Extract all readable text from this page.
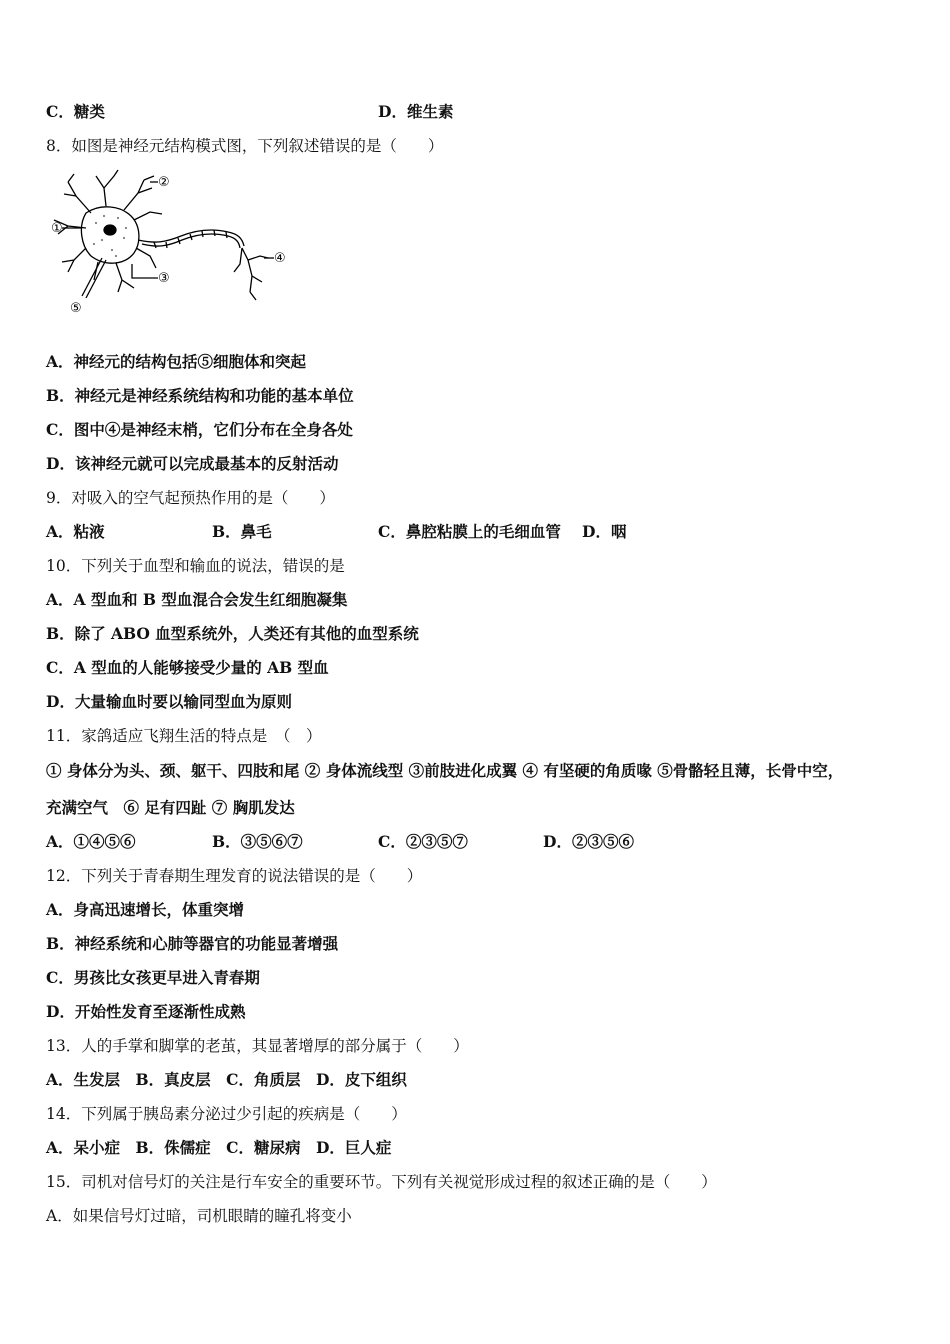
C．糖类	D．维生素
8．如图是神经元结构模式图，下列叙述错误的是（　　）
①
②
③
④
⑤
A．神经元的结构包括⑤细胞体和突起
B．神经元是神经系统结构和功能的基本单位
C．图中④是神经末梢，它们分布在全身各处
D．该神经元就可以完成最基本的反射活动
9．对吸入的空气起预热作用的是（　　）
A．粘液	B．鼻毛	C．鼻腔粘膜上的毛细血管 D．咽
10．下列关于血型和输血的说法，错误的是
A．A 型血和 B 型血混合会发生红细胞凝集
B．除了 ABO 血型系统外，人类还有其他的血型系统
C．A 型血的人能够接受少量的 AB 型血
D．大量输血时要以输同型血为原则
11．家鸽适应飞翔生活的特点是　（　）
① 身体分为头、颈、躯干、四肢和尾 ② 身体流线型 ③前肢进化成翼 ④ 有坚硬的角质喙 ⑤骨骼轻且薄，长骨中空，
充满空气　⑥ 足有四趾 ⑦ 胸肌发达
A．①④⑤⑥	B．③⑤⑥⑦	C．②③⑤⑦	D．②③⑤⑥
12．下列关于青春期生理发育的说法错误的是（　　）
A．身高迅速增长，体重突增
B．神经系统和心肺等器官的功能显著增强
C．男孩比女孩更早进入青春期
D．开始性发育至逐渐性成熟
13．人的手掌和脚掌的老茧，其显著增厚的部分属于（　　）
A．生发层　B．真皮层　C．角质层　D．皮下组织
14．下列属于胰岛素分泌过少引起的疾病是（　　）
A．呆小症　B．侏儒症　C．糖尿病　D．巨人症
15．司机对信号灯的关注是行车安全的重要环节。下列有关视觉形成过程的叙述正确的是（　　）
A．如果信号灯过暗，司机眼睛的瞳孔将变小
